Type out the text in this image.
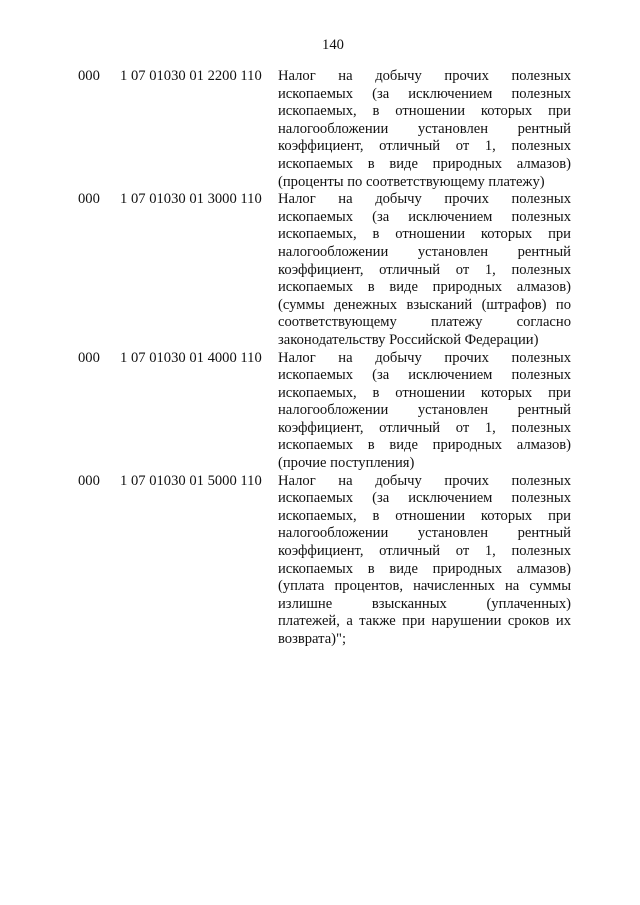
140
000 1 07 01030 01 2200 110 Налог на добычу прочих полезных
ископаемых (за исключением полезных
ископаемых, в отношении которых при
налогообложении установлен рентный
коэффициент, отличный от 1, полезных
ископаемых в виде природных алмазов)
(проценты по соответствующему платежу)
000 1 07 01030 01 3000 110 Налог на добычу прочих полезных
ископаемых (за исключением полезных
ископаемых, в отношении которых при
налогообложении установлен рентный
коэффициент, отличный от 1, полезных
ископаемых в виде природных алмазов)
(суммы денежных взысканий (штрафов) по
соответствующему платежу согласно
законодательству Российской Федерации)
000 1 07 01030 01 4000 110 Налог на добычу прочих полезных
ископаемых (за исключением полезных
ископаемых, в отношении которых при
налогообложении установлен рентный
коэффициент, отличный от 1, полезных
ископаемых в виде природных алмазов)
(прочие поступления)
000 1 07 01030 01 5000 110 Налог на добычу прочих полезных
ископаемых (за исключением полезных
ископаемых, в отношении которых при
налогообложении установлен рентный
коэффициент, отличный от 1, полезных
ископаемых в виде природных алмазов)
(уплата процентов, начисленных на суммы
излишне взысканных (уплаченных)
платежей, а также при нарушении сроков их
возврата)";
